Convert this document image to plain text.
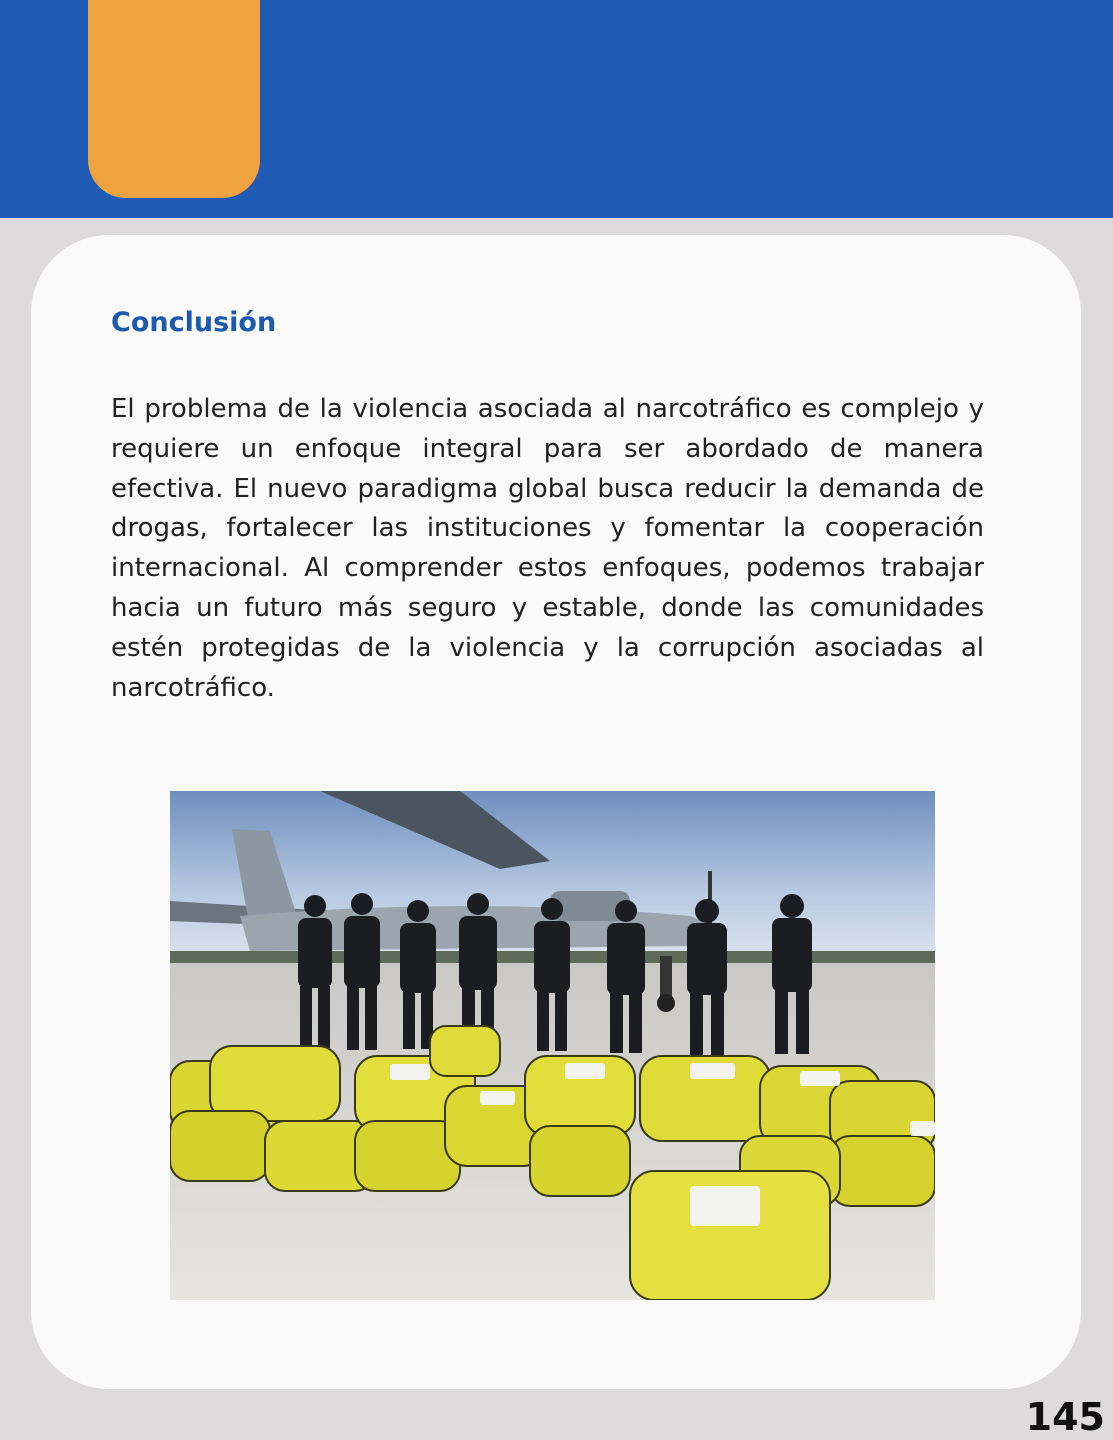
Conclusión

El problema de la violencia asociada al narcotráfico es complejo y requiere un enfoque integral para ser abordado de manera efectiva. El nuevo paradigma global busca reducir la demanda de drogas, fortalecer las instituciones y fomentar la cooperación internacional. Al comprender estos enfoques, podemos trabajar hacia un futuro más seguro y estable, donde las comunidades estén protegidas de la violencia y la corrupción asociadas al narcotráfico.

145
